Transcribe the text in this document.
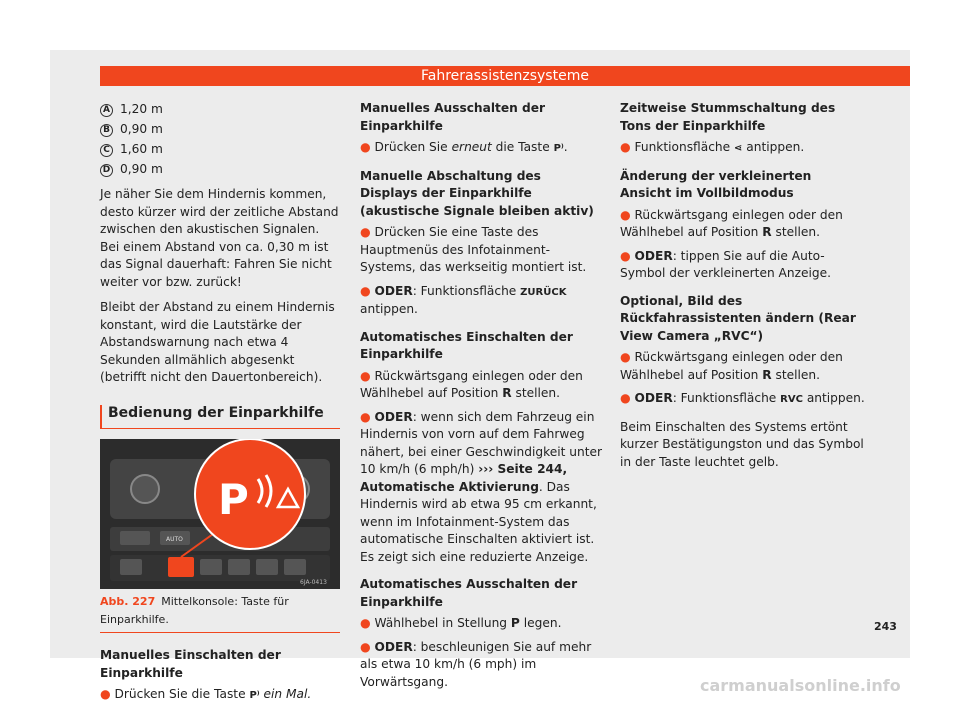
Fahrerassistenzsysteme
A 1,20 m
B 0,90 m
C 1,60 m
D 0,90 m

Je näher Sie dem Hindernis kommen, desto kürzer wird der zeitliche Abstand zwischen den akustischen Signalen. Bei einem Abstand von ca. 0,30 m ist das Signal dauerhaft: Fahren Sie nicht weiter vor bzw. zurück!

Bleibt der Abstand zu einem Hindernis konstant, wird die Lautstärke der Abstandswarnung nach etwa 4 Sekunden allmählich abgesenkt (betrifft nicht den Dauertonbereich).

Bedienung der Einparkhilfe
AUTO
P
6JA-0413
Abb. 227 Mittelkonsole: Taste für Einparkhilfe.
Manuelles Einschalten der Einparkhilfe
● Drücken Sie die Taste P⁾ ein Mal.
Manuelles Ausschalten der Einparkhilfe
● Drücken Sie erneut die Taste P⁾.
Manuelle Abschaltung des Displays der Einparkhilfe (akustische Signale bleiben aktiv)
● Drücken Sie eine Taste des Hauptmenüs des Infotainment-Systems, das werkseitig montiert ist.
● ODER: Funktionsfläche ZURÜCK antippen.
Automatisches Einschalten der Einparkhilfe
● Rückwärtsgang einlegen oder den Wählhebel auf Position R stellen.
● ODER: wenn sich dem Fahrzeug ein Hindernis von vorn auf dem Fahrweg nähert, bei einer Geschwindigkeit unter 10 km/h (6 mph/h) ››› Seite 244, Automatische Aktivierung. Das Hindernis wird ab etwa 95 cm erkannt, wenn im Infotainment-System das automatische Einschalten aktiviert ist. Es zeigt sich eine reduzierte Anzeige.
Automatisches Ausschalten der Einparkhilfe
● Wählhebel in Stellung P legen.
● ODER: beschleunigen Sie auf mehr als etwa 10 km/h (6 mph) im Vorwärtsgang.
Zeitweise Stummschaltung des Tons der Einparkhilfe
● Funktionsfläche ⋖ antippen.
Änderung der verkleinerten Ansicht im Vollbildmodus
● Rückwärtsgang einlegen oder den Wählhebel auf Position R stellen.
● ODER: tippen Sie auf die Auto-Symbol der verkleinerten Anzeige.
Optional, Bild des Rückfahrassistenten ändern (Rear View Camera „RVC“)
● Rückwärtsgang einlegen oder den Wählhebel auf Position R stellen.
● ODER: Funktionsfläche RVC antippen.

Beim Einschalten des Systems ertönt kurzer Bestätigungston und das Symbol in der Taste leuchtet gelb.

243
carmanualsonline.info
